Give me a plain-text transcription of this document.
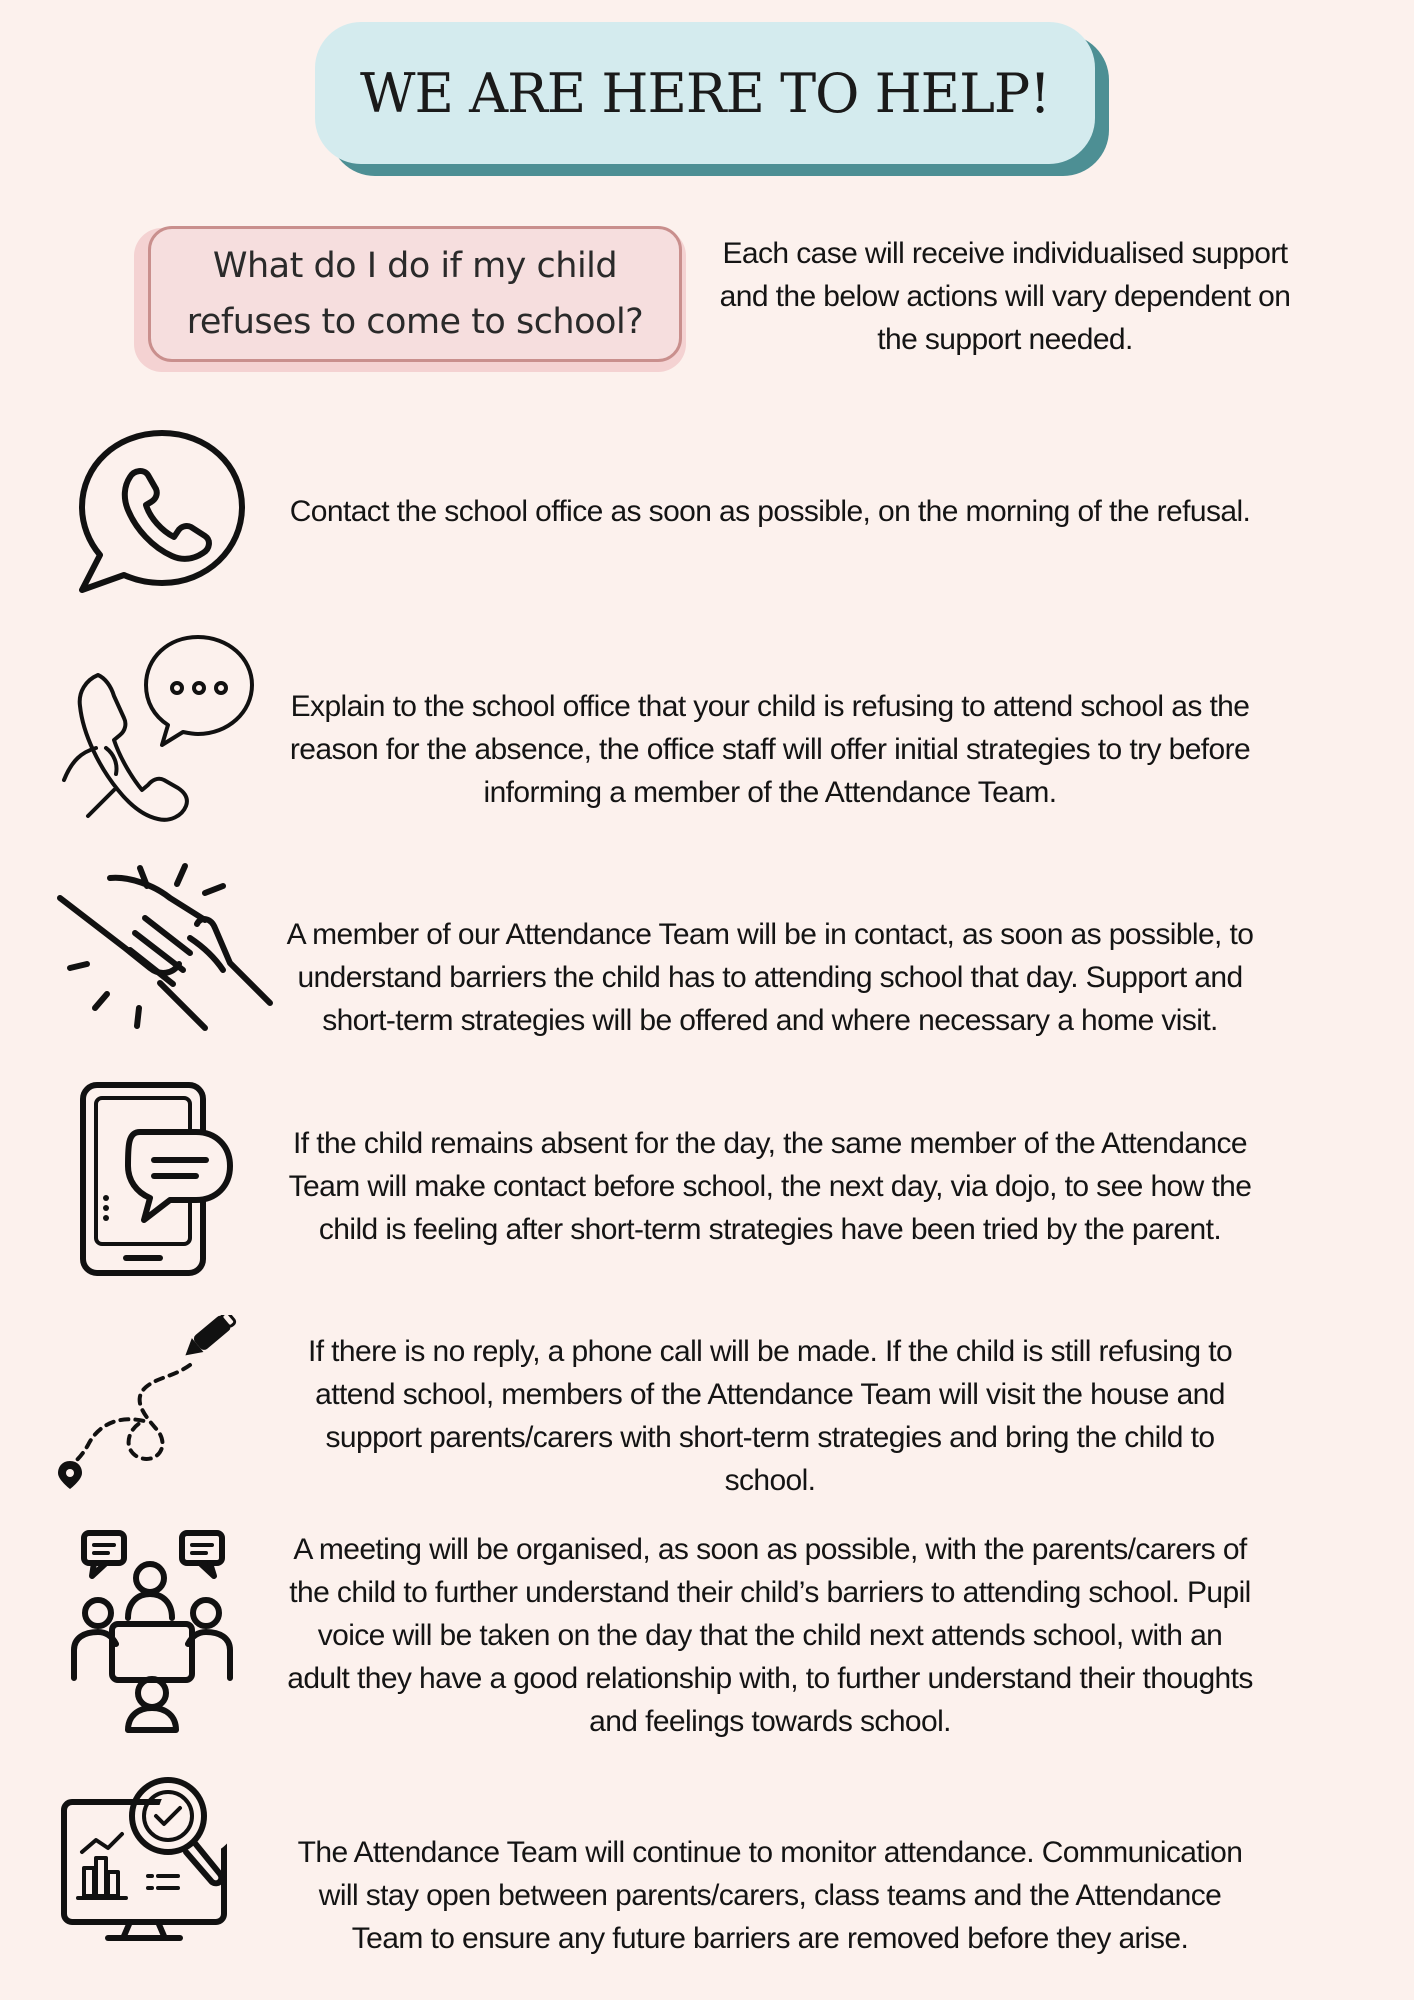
WE ARE HERE TO HELP!
What do I do if my child refuses to come to school?
Each case will receive individualised support and the below actions will vary dependent on the support needed.
Contact the school office as soon as possible, on the morning of the refusal.
Explain to the school office that your child is refusing to attend school as the reason for the absence, the office staff will offer initial strategies to try before informing a member of the Attendance Team.
A member of our Attendance Team will be in contact, as soon as possible, to understand barriers the child has to attending school that day. Support and short-term strategies will be offered and where necessary a home visit.
If the child remains absent for the day, the same member of the Attendance Team will make contact before school, the next day, via dojo, to see how the child is feeling after short-term strategies have been tried by the parent.
If there is no reply, a phone call will be made. If the child is still refusing to attend school, members of the Attendance Team will visit the house and support parents/carers with short-term strategies and bring the child to school.
A meeting will be organised, as soon as possible, with the parents/carers of the child to further understand their child’s barriers to attending school. Pupil voice will be taken on the day that the child next attends school, with an adult they have a good relationship with, to further understand their thoughts and feelings towards school.
The Attendance Team will continue to monitor attendance. Communication will stay open between parents/carers, class teams and the Attendance Team to ensure any future barriers are removed before they arise.
